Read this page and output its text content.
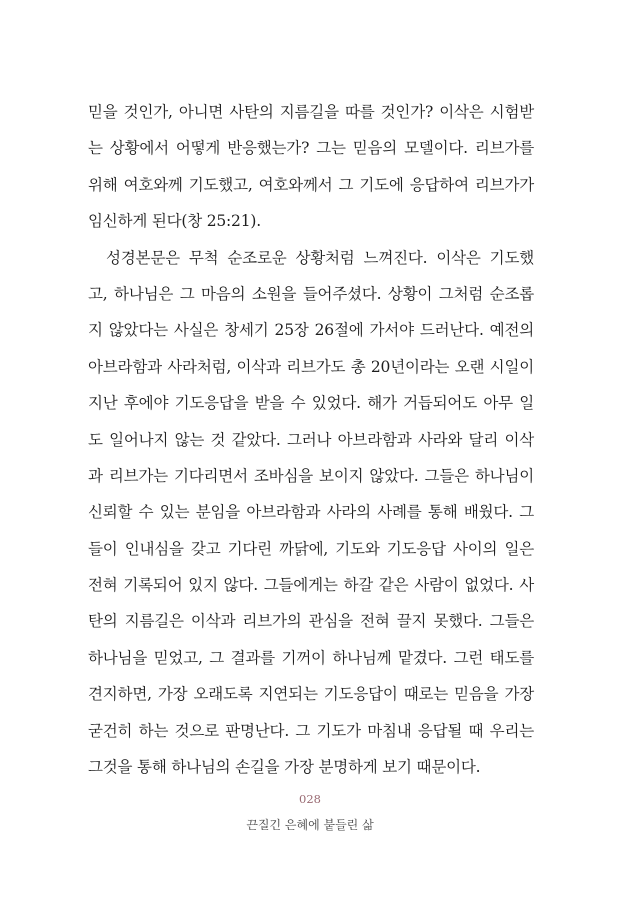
믿을 것인가, 아니면 사탄의 지름길을 따를 것인가? 이삭은 시험받
는 상황에서 어떻게 반응했는가? 그는 믿음의 모델이다. 리브가를
위해 여호와께 기도했고, 여호와께서 그 기도에 응답하여 리브가가
임신하게 된다(창 25:21).
성경본문은 무척 순조로운 상황처럼 느껴진다. 이삭은 기도했
고, 하나님은 그 마음의 소원을 들어주셨다. 상황이 그처럼 순조롭
지 않았다는 사실은 창세기 25장 26절에 가서야 드러난다. 예전의
아브라함과 사라처럼, 이삭과 리브가도 총 20년이라는 오랜 시일이
지난 후에야 기도응답을 받을 수 있었다. 해가 거듭되어도 아무 일
도 일어나지 않는 것 같았다. 그러나 아브라함과 사라와 달리 이삭
과 리브가는 기다리면서 조바심을 보이지 않았다. 그들은 하나님이
신뢰할 수 있는 분임을 아브라함과 사라의 사례를 통해 배웠다. 그
들이 인내심을 갖고 기다린 까닭에, 기도와 기도응답 사이의 일은
전혀 기록되어 있지 않다. 그들에게는 하갈 같은 사람이 없었다. 사
탄의 지름길은 이삭과 리브가의 관심을 전혀 끌지 못했다. 그들은
하나님을 믿었고, 그 결과를 기꺼이 하나님께 맡겼다. 그런 태도를
견지하면, 가장 오래도록 지연되는 기도응답이 때로는 믿음을 가장
굳건히 하는 것으로 판명난다. 그 기도가 마침내 응답될 때 우리는
그것을 통해 하나님의 손길을 가장 분명하게 보기 때문이다.
028
끈질긴 은혜에 붙들린 삶
